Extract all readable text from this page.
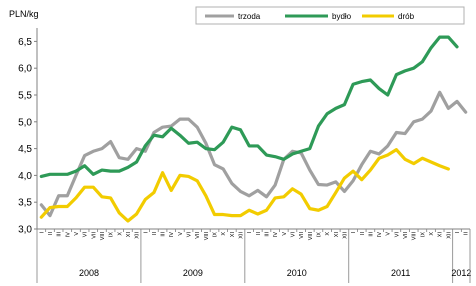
PLN/kg
3,0
3,5
4,0
4,5
5,0
5,5
6,0
6,5
I II III IV V VI VII VIII IX X XI XII I II III IV V VI VII VIII IX X XI XII I II III IV V VI VII VIII IX X XI XII I II III IV V VI VII VIII IX X XI XII I II
2008	2009	2010	2011	2012
trzoda	bydło	drób
